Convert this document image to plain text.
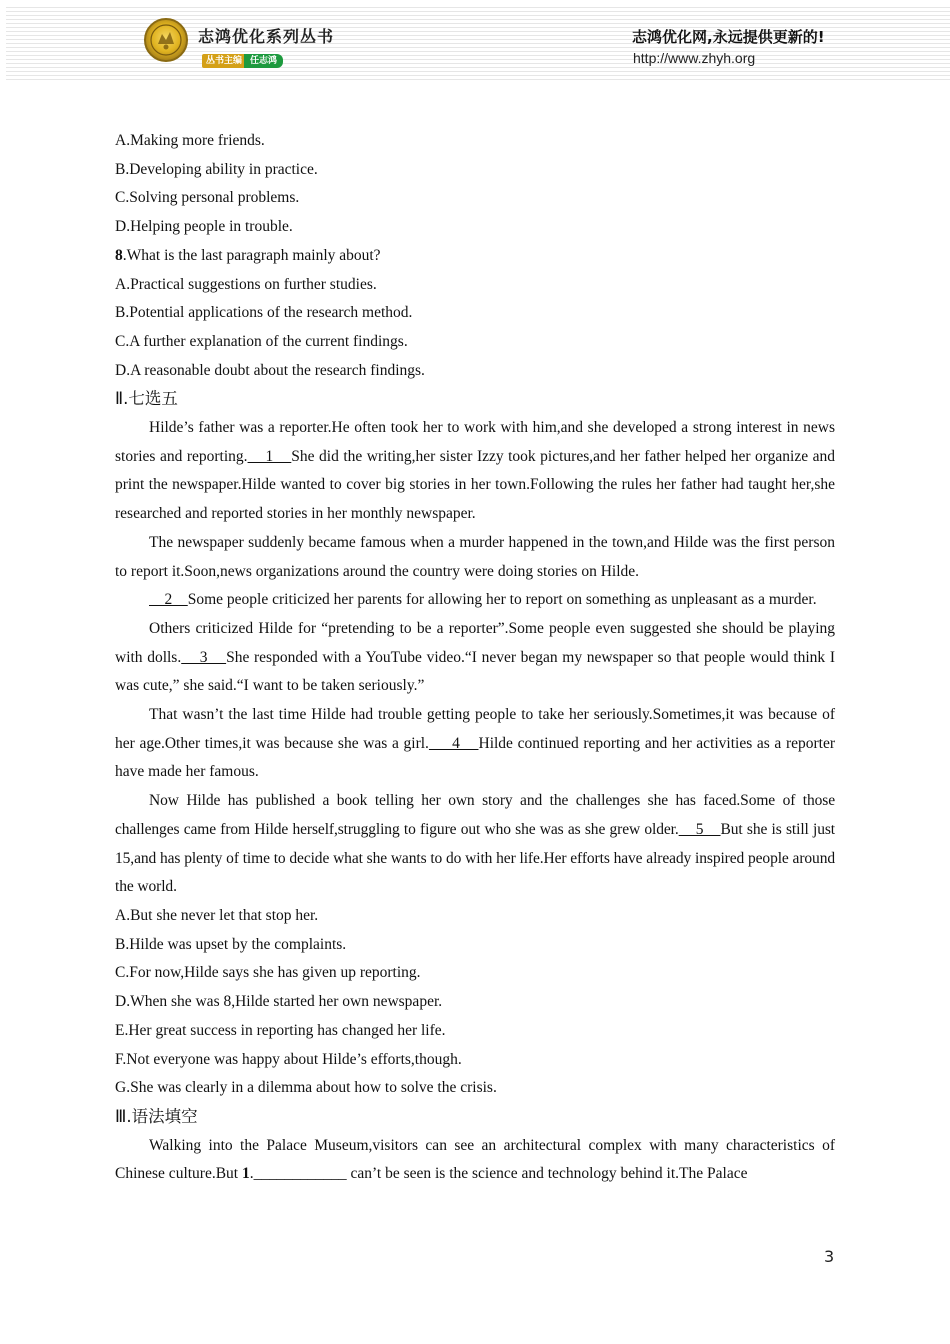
志鸿优化系列丛书
丛书主编 任志鸿
志鸿优化网,永远提供更新的!
http://www.zhyh.org
A.Making more friends.
B.Developing ability in practice.
C.Solving personal problems.
D.Helping people in trouble.
8.What is the last paragraph mainly about?
A.Practical suggestions on further studies.
B.Potential applications of the research method.
C.A further explanation of the current findings.
D.A reasonable doubt about the research findings.
Ⅱ.七选五
Hilde’s father was a reporter.He often took her to work with him,and she developed a strong interest in news stories and reporting.    1    She did the writing,her sister Izzy took pictures,and her father helped her organize and print the newspaper.Hilde wanted to cover big stories in her town.Following the rules her father had taught her,she researched and reported stories in her monthly newspaper.
The newspaper suddenly became famous when a murder happened in the town,and Hilde was the first person to report it.Soon,news organizations around the country were doing stories on Hilde.
2    Some people criticized her parents for allowing her to report on something as unpleasant as a murder.
Others criticized Hilde for “pretending to be a reporter”.Some people even suggested she should be playing with dolls.    3    She responded with a YouTube video.“I never began my newspaper so that people would think I was cute,” she said.“I want to be taken seriously.”
That wasn’t the last time Hilde had trouble getting people to take her seriously.Sometimes,it was because of her age.Other times,it was because she was a girl.     4    Hilde continued reporting and her activities as a reporter have made her famous.
Now Hilde has published a book telling her own story and the challenges she has faced.Some of those challenges came from Hilde herself,struggling to figure out who she was as she grew older.    5    But she is still just 15,and has plenty of time to decide what she wants to do with her life.Her efforts have already inspired people around the world.
A.But she never let that stop her.
B.Hilde was upset by the complaints.
C.For now,Hilde says she has given up reporting.
D.When she was 8,Hilde started her own newspaper.
E.Her great success in reporting has changed her life.
F.Not everyone was happy about Hilde’s efforts,though.
G.She was clearly in a dilemma about how to solve the crisis.
Ⅲ.语法填空
Walking into the Palace Museum,visitors can see an architectural complex with many characteristics of Chinese culture.But 1.____________ can’t be seen is the science and technology behind it.The Palace
3
